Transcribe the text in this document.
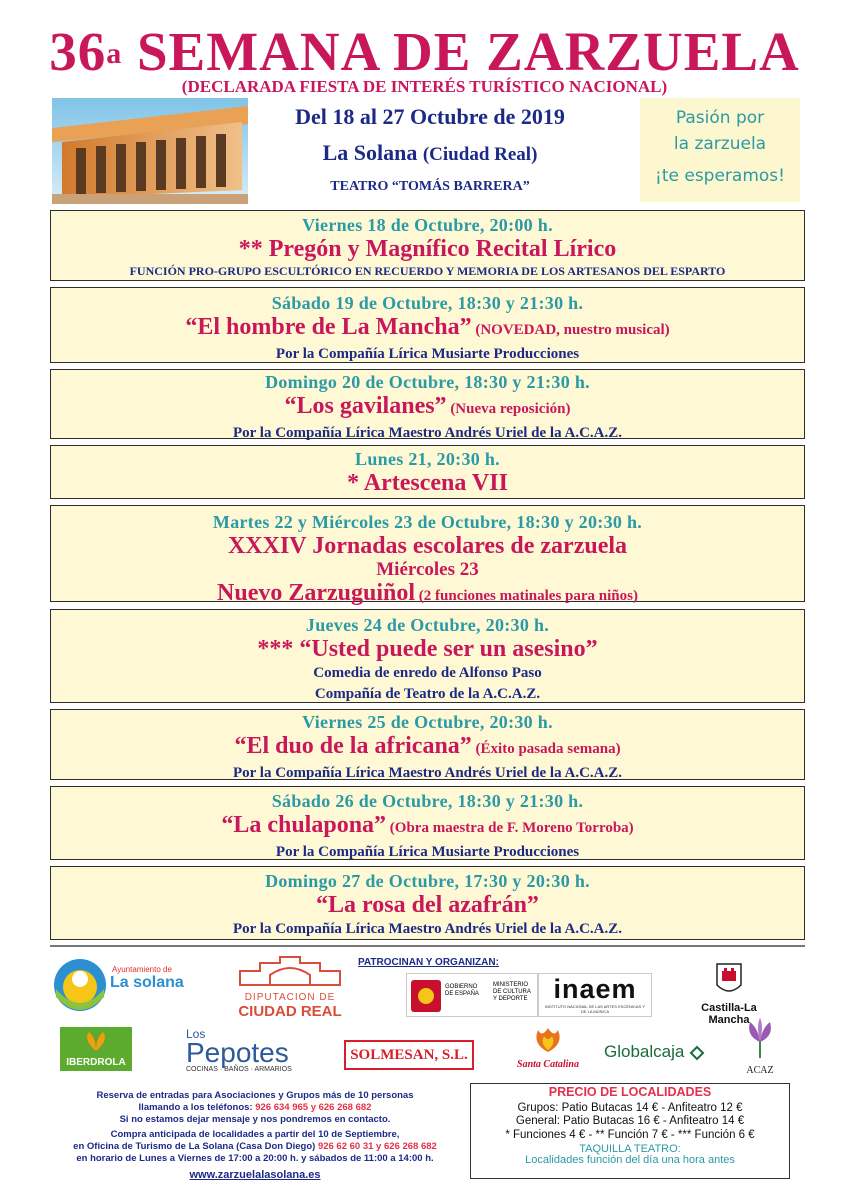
36$^a$ SEMANA DE ZARZUELA
(DECLARADA FIESTA DE INTERÉS TURÍSTICO NACIONAL)
Del 18 al 27 Octubre de 2019
La Solana (Ciudad Real)
TEATRO “TOMÁS BARRERA”
Pasión por
la zarzuela
¡te esperamos!
Viernes 18 de Octubre, 20:00 h.
** Pregón y Magnífico Recital Lírico
FUNCIÓN PRO-GRUPO ESCULTÓRICO EN RECUERDO Y MEMORIA DE LOS ARTESANOS DEL ESPARTO
Sábado 19 de Octubre, 18:30 y 21:30 h.
“El hombre de La Mancha” (NOVEDAD, nuestro musical)
Por la Compañía Lírica Musiarte Producciones
Domingo 20 de Octubre, 18:30 y 21:30 h.
“Los gavilanes” (Nueva reposición)
Por la Compañía Lírica Maestro Andrés Uriel de la A.C.A.Z.
Lunes 21, 20:30 h.
* Artescena VII
Martes 22 y Miércoles 23 de Octubre, 18:30 y 20:30 h.
XXXIV Jornadas escolares de zarzuela
Miércoles 23
Nuevo Zarzuguiñol (2 funciones matinales para niños)
Jueves 24 de Octubre, 20:30 h.
*** “Usted puede ser un asesino”
Comedia de enredo de Alfonso Paso
Compañía de Teatro de la A.C.A.Z.
Viernes 25 de Octubre, 20:30 h.
“El duo de la africana” (Éxito pasada semana)
Por la Compañía Lírica Maestro Andrés Uriel de la A.C.A.Z.
Sábado 26 de Octubre, 18:30 y 21:30 h.
“La chulapona” (Obra maestra de F. Moreno Torroba)
Por la Compañía Lírica Musiarte Producciones
Domingo 27 de Octubre, 17:30 y 20:30 h.
“La rosa del azafrán”
Por la Compañía Lírica Maestro Andrés Uriel de la A.C.A.Z.
PATROCINAN Y ORGANIZAN:
Ayuntamiento de
La solana
DIPUTACION DE
CIUDAD REAL
GOBIERNO
DE ESPAÑA
MINISTERIO
DE CULTURA
Y DEPORTE inaem
INSTITUTO NACIONAL DE LAS ARTES ESCÉNICAS Y DE LA MÚSICA	Castilla-La Mancha
IBERDROLA
Los
Pepotes
COCINAS · BAÑOS · ARMARIOS
SOLMESAN, S.L.
Santa Catalina
Globalcaja
ACAZ
Reserva de entradas para Asociaciones y Grupos más de 10 personas
llamando a los teléfonos: 926 634 965 y 626 268 682
Si no estamos dejar mensaje y nos pondremos en contacto.
Compra anticipada de localidades a partir del 10 de Septiembre,
en Oficina de Turismo de La Solana (Casa Don Diego) 926 62 60 31 y 626 268 682
en horario de Lunes a Viernes de 17:00 a 20:00 h. y sábados de 11:00 a 14:00 h.
www.zarzuelalasolana.es
PRECIO DE LOCALIDADES
Grupos: Patio Butacas 14 € - Anfiteatro 12 €
General: Patio Butacas 16 € - Anfiteatro 14 €
* Funciones 4 € - ** Función 7 € - *** Función 6 €
TAQUILLA TEATRO:
Localidades función del día una hora antes
